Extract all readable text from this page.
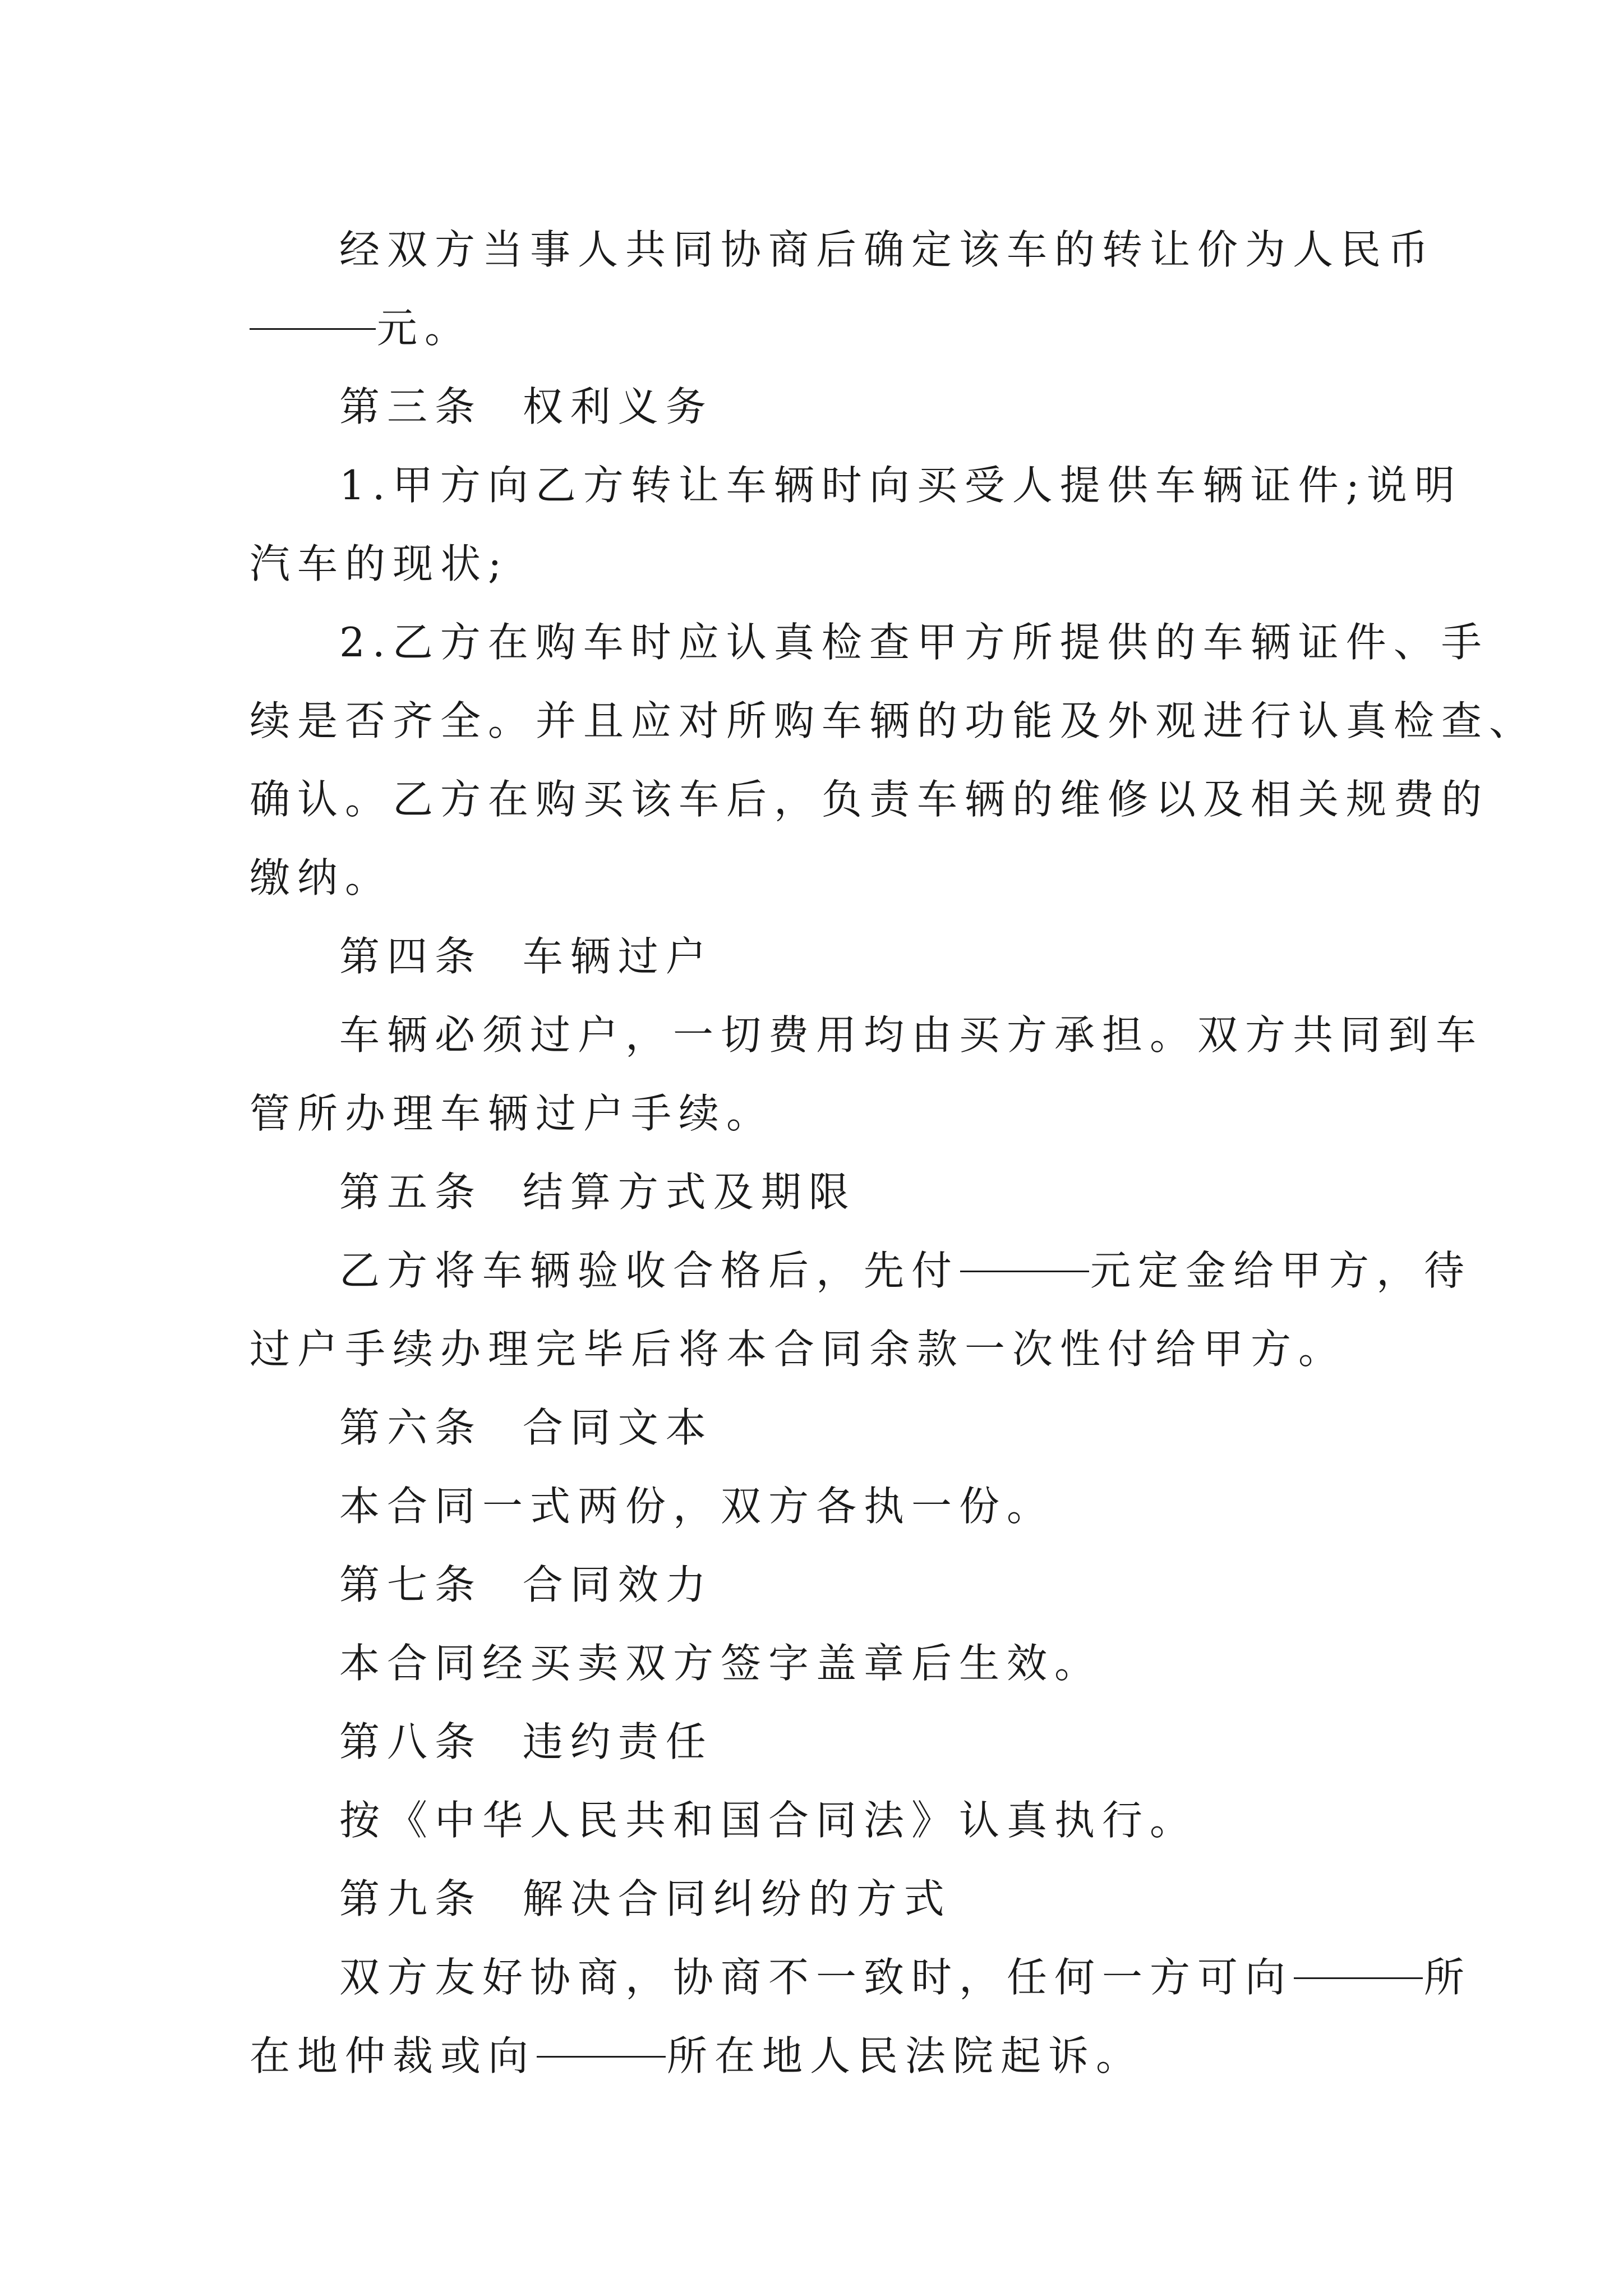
经双方当事人共同协商后确定该车的转让价为人民币
元。
第三条  权利义务
1.甲方向乙方转让车辆时向买受人提供车辆证件;说明
汽车的现状;
2.乙方在购车时应认真检查甲方所提供的车辆证件、手
续是否齐全。并且应对所购车辆的功能及外观进行认真检查、
确认。乙方在购买该车后，负责车辆的维修以及相关规费的
缴纳。
第四条  车辆过户
车辆必须过户，一切费用均由买方承担。双方共同到车
管所办理车辆过户手续。
第五条  结算方式及期限
乙方将车辆验收合格后，先付	元定金给甲方，待
过户手续办理完毕后将本合同余款一次性付给甲方。
第六条  合同文本
本合同一式两份，双方各执一份。
第七条  合同效力
本合同经买卖双方签字盖章后生效。
第八条  违约责任
按《中华人民共和国合同法》认真执行。
第九条  解决合同纠纷的方式
双方友好协商，协商不一致时，任何一方可向	所
在地仲裁或向	所在地人民法院起诉。
